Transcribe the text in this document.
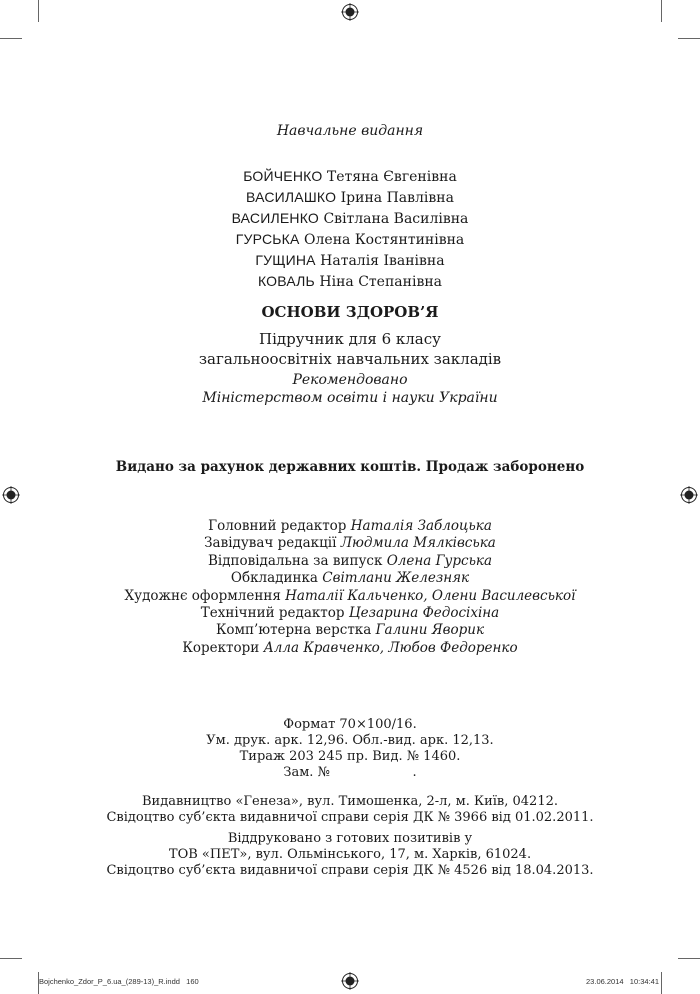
Навчальне видання
БОЙЧЕНКО Тетяна Євгенівна
ВАСИЛАШКО Ірина Павлівна
ВАСИЛЕНКО Світлана Василівна
ГУРСЬКА Олена Костянтинівна
ГУЩИНА Наталія Іванівна
КОВАЛЬ Ніна Степанівна
ОСНОВИ ЗДОРОВ’Я
Підручник для 6 класу
загальноосвітніх навчальних закладів
Рекомендовано
Міністерством освіти і науки України
Видано за рахунок державних коштів. Продаж заборонено
Головний редактор Наталія Заблоцька
Завідувач редакції Людмила Мялківська
Відповідальна за випуск Олена Гурська
Обкладинка Світлани Железняк
Художнє оформлення Наталії Кальченко, Олени Василевської
Технічний редактор Цезарина Федосіхіна
Комп’ютерна верстка Галини Яворик
Коректори Алла Кравченко, Любов Федоренко
Формат 70×100/16.
Ум. друк. арк. 12,96. Обл.-вид. арк. 12,13.
Тираж 203 245 пр. Вид. № 1460.
Зам. №                    .
Видавництво «Генеза», вул. Тимошенка, 2-л, м. Київ, 04212.
Свідоцтво суб’єкта видавничої справи серія ДК № 3966 від 01.02.2011.
Віддруковано з готових позитивів у
ТОВ «ПЕТ», вул. Ольмінського, 17, м. Харків, 61024.
Свідоцтво суб’єкта видавничої справи серія ДК № 4526 від 18.04.2013.
Bojchenko_Zdor_P_6.ua_(289-13)_R.indd   160	23.06.2014   10:34:41
